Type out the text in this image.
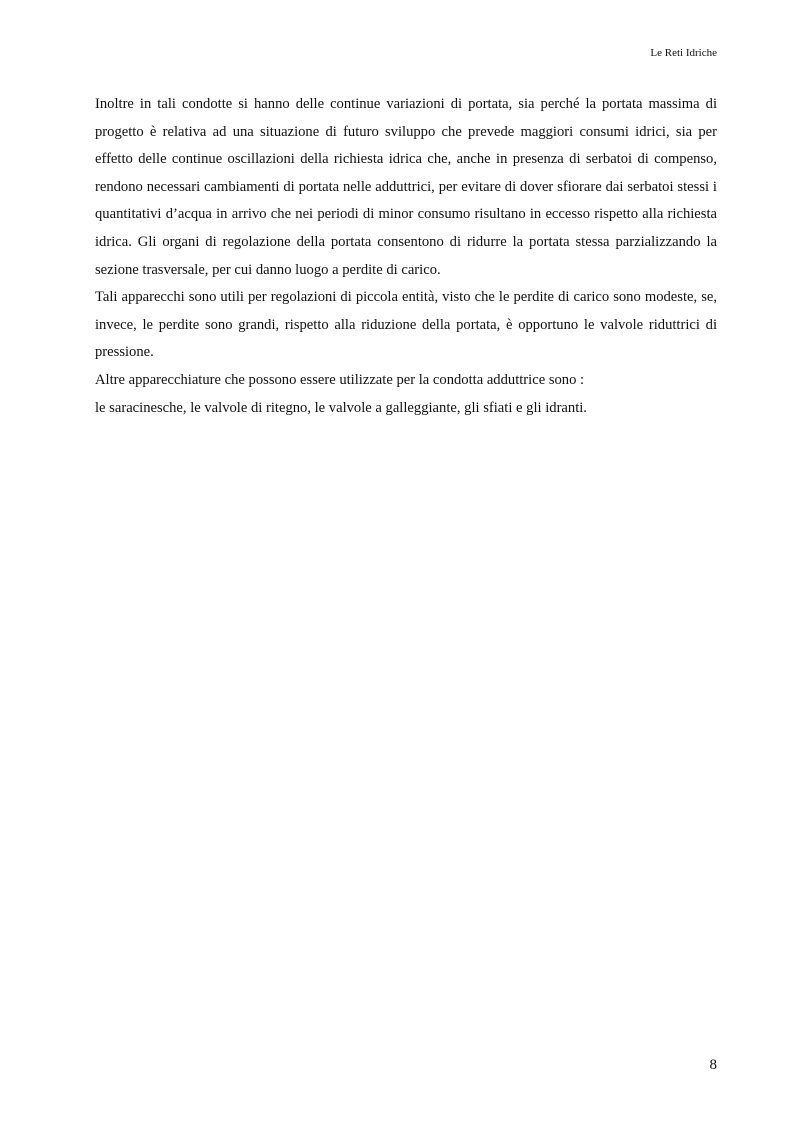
Le Reti Idriche

Inoltre in tali condotte si hanno delle continue variazioni di portata, sia perché la portata massima di progetto è relativa ad una situazione di futuro sviluppo che prevede maggiori consumi idrici, sia per effetto delle continue oscillazioni della richiesta idrica che, anche in presenza di serbatoi di compenso, rendono necessari cambiamenti di portata nelle adduttrici, per evitare di dover sfiorare dai serbatoi stessi i quantitativi d’acqua in arrivo che nei periodi di minor consumo risultano in eccesso rispetto alla richiesta idrica. Gli organi di regolazione della portata consentono di ridurre la portata stessa parzializzando la sezione trasversale, per cui danno luogo a perdite di carico.

Tali apparecchi sono utili per regolazioni di piccola entità, visto che le perdite di carico sono modeste, se, invece, le perdite sono grandi, rispetto alla riduzione della portata, è opportuno le valvole riduttrici di pressione.

Altre apparecchiature che possono essere utilizzate per la condotta adduttrice sono :

le saracinesche, le valvole di ritegno, le valvole a galleggiante, gli sfiati e gli idranti.

8
